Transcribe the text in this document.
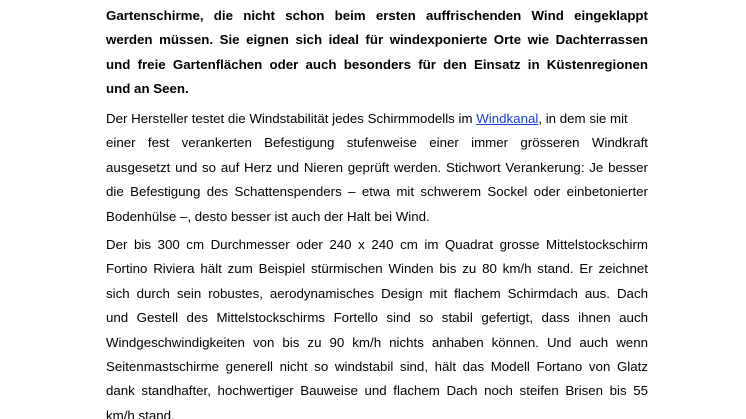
Gartenschirme, die nicht schon beim ersten auffrischenden Wind eingeklappt
werden müssen. Sie eignen sich ideal für windexponierte Orte wie Dachterrassen
und freie Gartenflächen oder auch besonders für den Einsatz in Küstenregionen
und an Seen.
Der Hersteller testet die Windstabilität jedes Schirmmodells im Windkanal, in dem sie mit
einer fest verankerten Befestigung stufenweise einer immer grösseren Windkraft
ausgesetzt und so auf Herz und Nieren geprüft werden. Stichwort Verankerung: Je besser
die Befestigung des Schattenspenders – etwa mit schwerem Sockel oder einbetonierter
Bodenhülse –, desto besser ist auch der Halt bei Wind.
Der bis 300 cm Durchmesser oder 240 x 240 cm im Quadrat grosse Mittelstockschirm
Fortino Riviera hält zum Beispiel stürmischen Winden bis zu 80 km/h stand. Er zeichnet
sich durch sein robustes, aerodynamisches Design mit flachem Schirmdach aus. Dach
und Gestell des Mittelstockschirms Fortello sind so stabil gefertigt, dass ihnen auch
Windgeschwindigkeiten von bis zu 90 km/h nichts anhaben können. Und auch wenn
Seitenmastschirme generell nicht so windstabil sind, hält das Modell Fortano von Glatz
dank standhafter, hochwertiger Bauweise und flachem Dach noch steifen Brisen bis 55
km/h stand.
